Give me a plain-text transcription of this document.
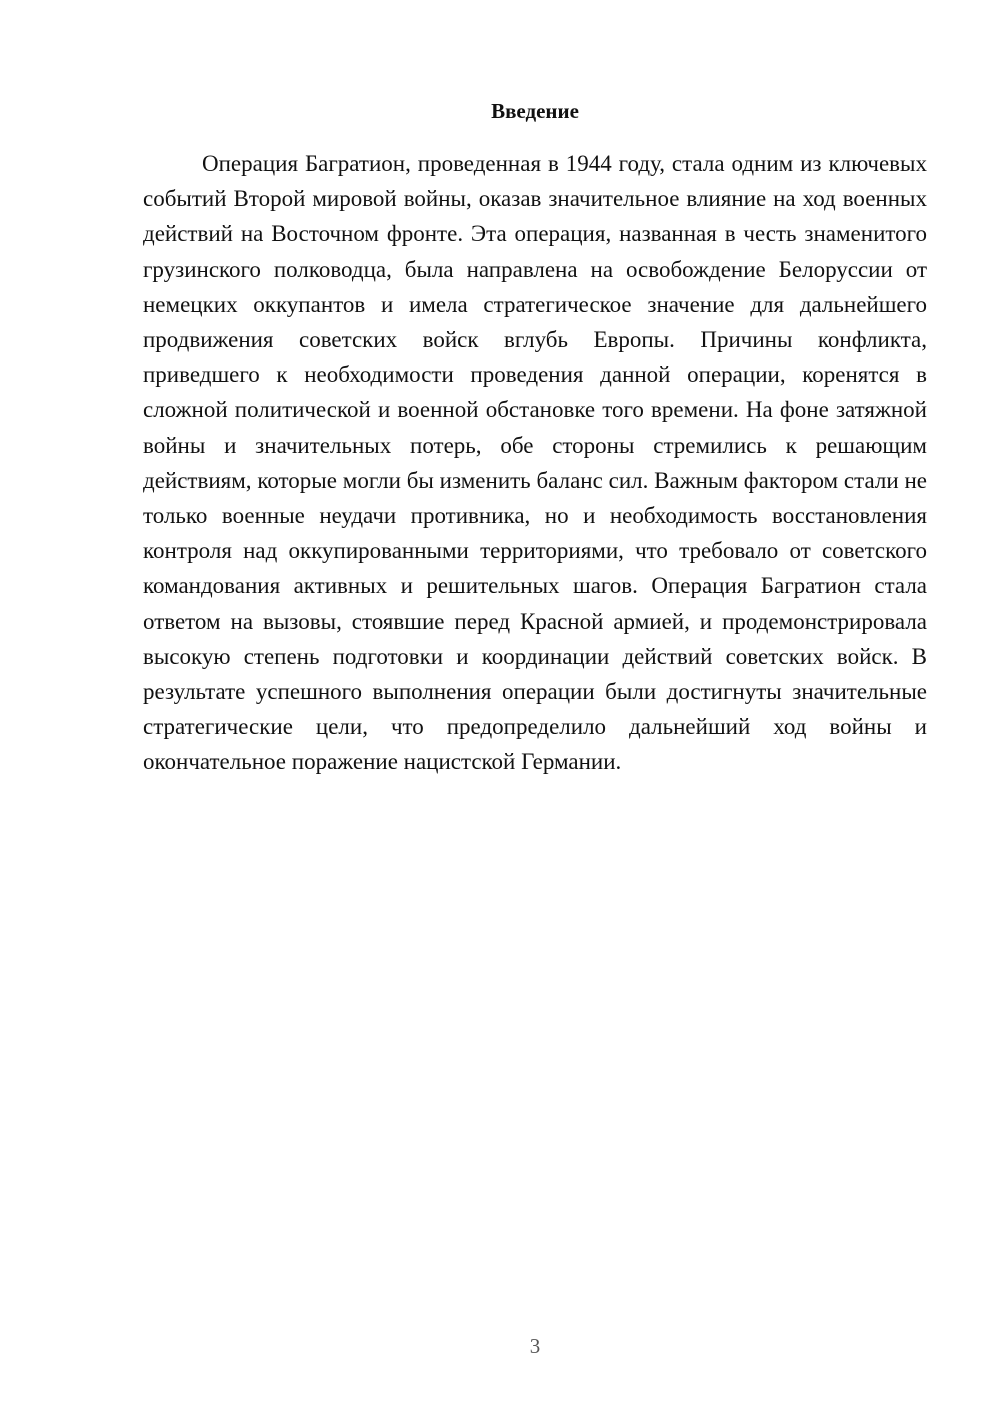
Введение

Операция Багратион, проведенная в 1944 году, стала одним из ключевых событий Второй мировой войны, оказав значительное влияние на ход военных действий на Восточном фронте. Эта операция, названная в честь знаменитого грузинского полководца, была направлена на освобождение Белоруссии от немецких оккупантов и имела стратегическое значение для дальнейшего продвижения советских войск вглубь Европы. Причины конфликта, приведшего к необходимости проведения данной операции, коренятся в сложной политической и военной обстановке того времени. На фоне затяжной войны и значительных потерь, обе стороны стремились к решающим действиям, которые могли бы изменить баланс сил. Важным фактором стали не только военные неудачи противника, но и необходимость восстановления контроля над оккупированными территориями, что требовало от советского командования активных и решительных шагов. Операция Багратион стала ответом на вызовы, стоявшие перед Красной армией, и продемонстрировала высокую степень подготовки и координации действий советских войск. В результате успешного выполнения операции были достигнуты значительные стратегические цели, что предопределило дальнейший ход войны и окончательное поражение нацистской Германии.

3
